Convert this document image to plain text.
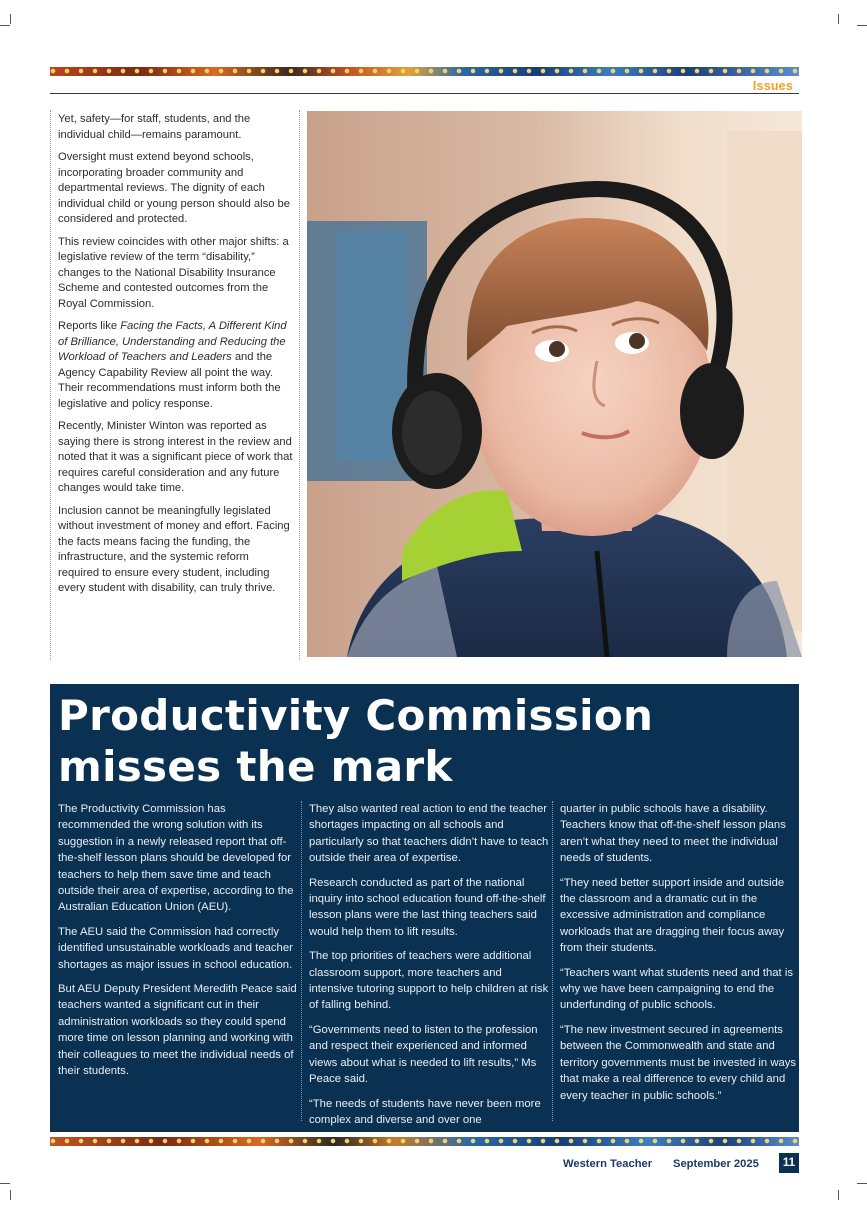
Issues

Yet, safety—for staff, students, and the individual child—remains paramount.

Oversight must extend beyond schools, incorporating broader community and departmental reviews. The dignity of each individual child or young person should also be considered and protected.

This review coincides with other major shifts: a legislative review of the term “disability,” changes to the National Disability Insurance Scheme and contested outcomes from the Royal Commission.

Reports like Facing the Facts, A Different Kind of Brilliance, Understanding and Reducing the Workload of Teachers and Leaders and the Agency Capability Review all point the way. Their recommendations must inform both the legislative and policy response.

Recently, Minister Winton was reported as saying there is strong interest in the review and noted that it was a significant piece of work that requires careful consideration and any future changes would take time.

Inclusion cannot be meaningfully legislated without investment of money and effort. Facing the facts means facing the funding, the infrastructure, and the systemic reform required to ensure every student, including every student with disability, can truly thrive.

Productivity Commission
misses the mark

The Productivity Commission has recommended the wrong solution with its suggestion in a newly released report that off-the-shelf lesson plans should be developed for teachers to help them save time and teach outside their area of expertise, according to the Australian Education Union (AEU).

The AEU said the Commission had correctly identified unsustainable workloads and teacher shortages as major issues in school education.

But AEU Deputy President Meredith Peace said teachers wanted a significant cut in their administration workloads so they could spend more time on lesson planning and working with their colleagues to meet the individual needs of their students.

They also wanted real action to end the teacher shortages impacting on all schools and particularly so that teachers didn’t have to teach outside their area of expertise.

Research conducted as part of the national inquiry into school education found off-the-shelf lesson plans were the last thing teachers said would help them to lift results.

The top priorities of teachers were additional classroom support, more teachers and intensive tutoring support to help children at risk of falling behind.

“Governments need to listen to the profession and respect their experienced and informed views about what is needed to lift results,” Ms Peace said.

“The needs of students have never been more complex and diverse and over one

quarter in public schools have a disability. Teachers know that off-the-shelf lesson plans aren’t what they need to meet the individual needs of students.

“They need better support inside and outside the classroom and a dramatic cut in the excessive administration and compliance workloads that are dragging their focus away from their students.

“Teachers want what students need and that is why we have been campaigning to end the underfunding of public schools.

“The new investment secured in agreements between the Commonwealth and state and territory governments must be invested in ways that make a real difference to every child and every teacher in public schools.”

Western Teacher September 2025	11
